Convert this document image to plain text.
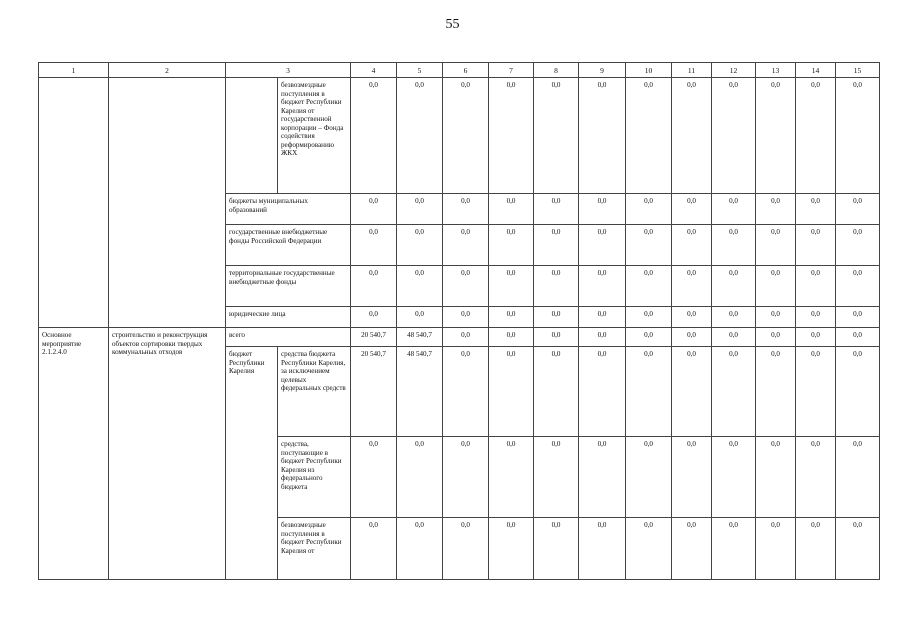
55
1	2	3		4	5	6	7	8	9	10	11	12	13	14	15
			безвозмездные поступления в бюджет Республики Карелия от государственной корпорации – Фонда содействия реформированию ЖКХ	0,0	0,0	0,0	0,0	0,0	0,0	0,0	0,0	0,0	0,0	0,0	0,0
		бюджеты муниципальных образований		0,0	0,0	0,0	0,0	0,0	0,0	0,0	0,0	0,0	0,0	0,0	0,0
		государственные внебюджетные фонды Российской Федерации		0,0	0,0	0,0	0,0	0,0	0,0	0,0	0,0	0,0	0,0	0,0	0,0
		территориальные государственные внебюджетные фонды		0,0	0,0	0,0	0,0	0,0	0,0	0,0	0,0	0,0	0,0	0,0	0,0
		юридические лица		0,0	0,0	0,0	0,0	0,0	0,0	0,0	0,0	0,0	0,0	0,0	0,0
Основное мероприятие 2.1.2.4.0	строительство и реконструкция объектов сортировки твердых коммунальных отходов	всего		20 540,7	48 540,7	0,0	0,0	0,0	0,0	0,0	0,0	0,0	0,0	0,0	0,0
		бюджет Республики Карелия	средства бюджета Республики Карелия, за исключением целевых федеральных средств	20 540,7	48 540,7	0,0	0,0	0,0	0,0	0,0	0,0	0,0	0,0	0,0	0,0
			средства, поступающие в бюджет Республики Карелия из федерального бюджета	0,0	0,0	0,0	0,0	0,0	0,0	0,0	0,0	0,0	0,0	0,0	0,0
			безвозмездные поступления в бюджет Республики Карелия от	0,0	0,0	0,0	0,0	0,0	0,0	0,0	0,0	0,0	0,0	0,0	0,0
